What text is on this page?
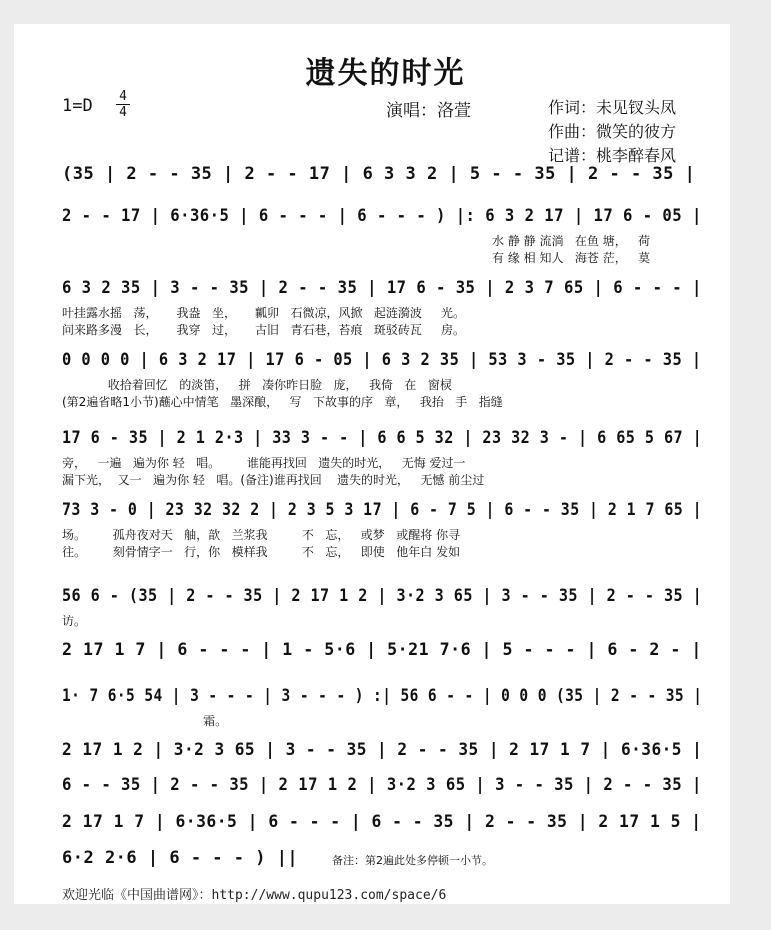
遗失的时光
1=D 4
4	演唱：洛萱	作词：未见钗头凤
作曲：微笑的彼方
记谱：桃李醉春风
(35 | 2 - - 35 | 2 - - 17 | 6 3 3 2 | 5 - - 35 | 2 - - 35 |
2 - - 17 | 6·36·5 | 6 - - - | 6 - - - ) |: 6 3 2 17 | 17 6 - 05 |
水 静 静 流淌   在鱼 塘，   荷
有 缘 相 知人   海苍 茫，   莫
6 3 2 35 | 3 - - 35 | 2 - - 35 | 17 6 - 35 | 2 3 7 65 | 6 - - - |
叶挂露水摇   荡，     我盎   坐，     瓤卯   石微凉，风掀   起涟漪波     光。
问来路多漫   长，     我穿   过，     古旧   青石巷，苔痕   斑驳砖瓦     房。
0 0 0 0 | 6 3 2 17 | 17 6 - 05 | 6 3 2 35 | 53 3 - 35 | 2 - - 35 |
收拾着回忆   的淡笛，   拼   凑你昨日脸   庞，   我倚   在   窗棂
(第2遍省略1小节)蘸心中情笔   墨深酿，   写   下故事的序   章，   我抬   手   指缝
17 6 - 35 | 2 1 2·3 | 33 3 - - | 6 6 5 32 | 23 32 3 - | 6 65 5 67 |
旁，   一遍   遍为你 轻   唱。       谁能再找回   遗失的时光，   无悔 爱过一
漏下光，  又一   遍为你 轻   唱。(备注)谁再找回    遗失的时光，   无憾 前尘过
73 3 - 0 | 23 32 32 2 | 2 3 5 3 17 | 6 - 7 5 | 6 - - 35 | 2 1 7 65 |
场。       孤舟夜对天   舳，歆   兰浆我         不   忘，   或梦   或醒将 你寻
往。       刻骨情字一   行，你   模样我         不   忘，   即使   他年白 发如
56 6 - (35 | 2 - - 35 | 2 17 1 2 | 3·2 3 65 | 3 - - 35 | 2 - - 35 |
访。
2 17 1 7 | 6 - - - | 1 - 5·6 | 5·21 7·6 | 5 - - - | 6 - 2 - |
1· 7 6·5 54 | 3 - - - | 3 - - - ) :| 56 6 - - | 0 0 0 (35 | 2 - - 35 |
霜。
2 17 1 2 | 3·2 3 65 | 3 - - 35 | 2 - - 35 | 2 17 1 7 | 6·36·5 |
6 - - 35 | 2 - - 35 | 2 17 1 2 | 3·2 3 65 | 3 - - 35 | 2 - - 35 |
2 17 1 7 | 6·36·5 | 6 - - - | 6 - - 35 | 2 - - 35 | 2 17 1 5 |
6·2 2·6 | 6 - - - ) ||	备注：第2遍此处多停顿一小节。
欢迎光临《中国曲谱网》：http://www.qupu123.com/space/6
